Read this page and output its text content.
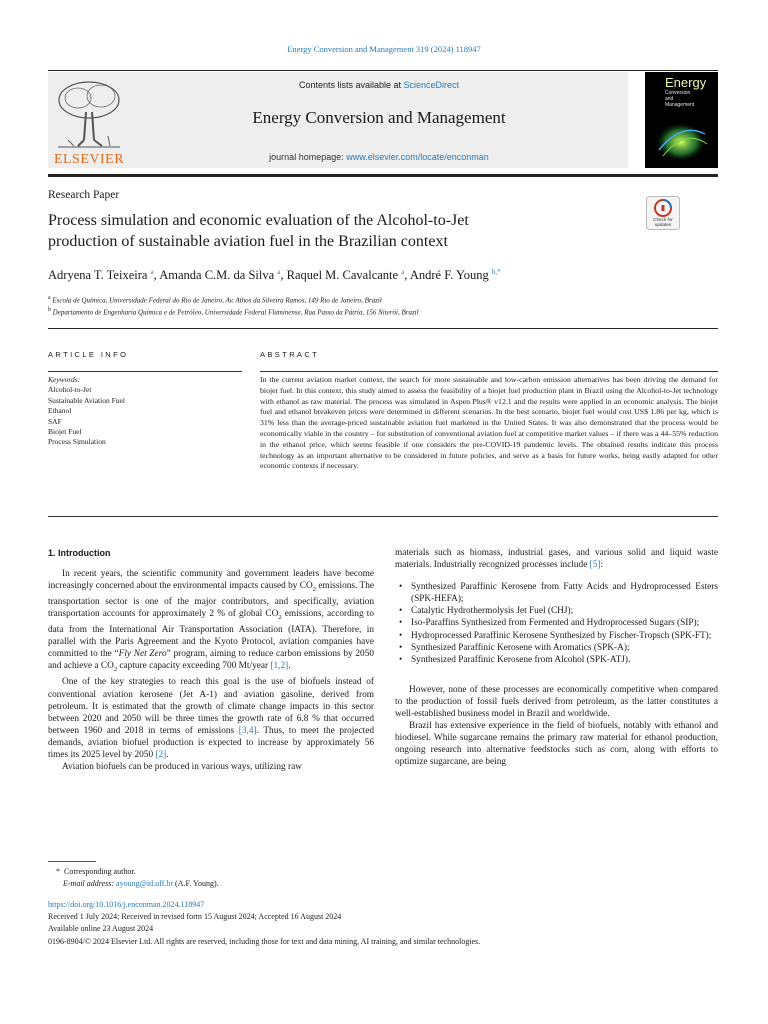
Energy Conversion and Management 319 (2024) 118947
ELSEVIER
Contents lists available at ScienceDirect
Energy Conversion and Management
journal homepage: www.elsevier.com/locate/enconman
Energy
Conversion
and
Management
Research Paper
Process simulation and economic evaluation of the Alcohol-to-Jet
production of sustainable aviation fuel in the Brazilian context
Check for
updates
Adryena T. Teixeira $^a$, Amanda C.M. da Silva $^a$, Raquel M. Cavalcante $^a$, André F. Young $^{b,*}$
$^a$ Escola de Química, Universidade Federal do Rio de Janeiro, Av. Athos da Silveira Ramos, 149 Rio de Janeiro, Brazil
$^b$ Departamento de Engenharia Química e de Petróleo, Universidade Federal Fluminense, Rua Passo da Pátria, 156 Niterói, Brazil
ARTICLE INFO	ABSTRACT
Keywords:
Alcohol-to-Jet
Sustainable Aviation Fuel
Ethanol
SAF
Biojet Fuel
Process Simulation
In the current aviation market context, the search for more sustainable and low-carbon emission alternatives has been driving the demand for biojet fuel. In this context, this study aimed to assess the feasibility of a biojet fuel production plant in Brazil using the Alcohol-to-Jet technology with ethanol as raw material. The process was simulated in Aspen Plus® v12.1 and the results were applied in an economic analysis. The biojet fuel and ethanol breakeven prices were determined in different scenarios. In the best scenario, biojet fuel would cost US$ 1.86 per kg, which is 31% less than the average-priced sustainable aviation fuel marketed in the United States. It was also demonstrated that the process would be economically viable in the country – for substitution of conventional aviation fuel at competitive market values – if there was a 44–55% reduction in the ethanol price, which seems feasible if one considers the pre-COVID-19 pandemic levels. The obtained results indicate this process technology as an important alternative to be considered in future policies, and serve as a basis for future works, being easily adapted for other economic contexts if necessary.

1. Introduction

In recent years, the scientific community and government leaders have become increasingly concerned about the environmental impacts caused by $CO_2$ emissions. The transportation sector is one of the major contributors, and specifically, aviation transportation accounts for approximately 2 % of global $CO_2$ emissions, according to data from the International Air Transportation Association (IATA). Therefore, in parallel with the Paris Agreement and the Kyoto Protocol, aviation companies have committed to the “Fly Net Zero” program, aiming to reduce carbon emissions by 2050 and achieve a $CO_2$ capture capacity exceeding 700 Mt/year [1,2].

One of the key strategies to reach this goal is the use of biofuels instead of conventional aviation kerosene (Jet A-1) and aviation gasoline, derived from petroleum. It is estimated that the growth of climate change impacts in this sector between 2020 and 2050 will be three times the growth rate of 6.8 % that occurred between 1960 and 2018 in terms of emissions [3,4]. Thus, to meet the projected demands, aviation biofuel production is expected to increase by approximately 56 times its 2025 level by 2050 [2].

Aviation biofuels can be produced in various ways, utilizing raw

materials such as biomass, industrial gases, and various solid and liquid waste materials. Industrially recognized processes include [5]:

• Synthesized Paraffinic Kerosene from Fatty Acids and Hydroprocessed Esters (SPK-HEFA);
• Catalytic Hydrothermolysis Jet Fuel (CHJ);
• Iso-Paraffins Synthesized from Fermented and Hydroprocessed Sugars (SIP);
• Hydroprocessed Paraffinic Kerosene Synthesized by Fischer-Tropsch (SPK-FT);
• Synthesized Paraffinic Kerosene with Aromatics (SPK-A);
• Synthesized Paraffinic Kerosene from Alcohol (SPK-ATJ).

However, none of these processes are economically competitive when compared to the production of fossil fuels derived from petroleum, as the latter constitutes a well-established business model in Brazil and worldwide.

Brazil has extensive experience in the field of biofuels, notably with ethanol and biodiesel. While sugarcane remains the primary raw material for ethanol production, ongoing research into alternative feedstocks such as corn, along with efforts to optimize sugarcane, are being

* Corresponding author.
E-mail address: ayoung@id.uff.br (A.F. Young).
https://doi.org/10.1016/j.enconman.2024.118947
Received 1 July 2024; Received in revised form 15 August 2024; Accepted 16 August 2024
Available online 23 August 2024
0196-8904/© 2024 Elsevier Ltd. All rights are reserved, including those for text and data mining, AI training, and similar technologies.
